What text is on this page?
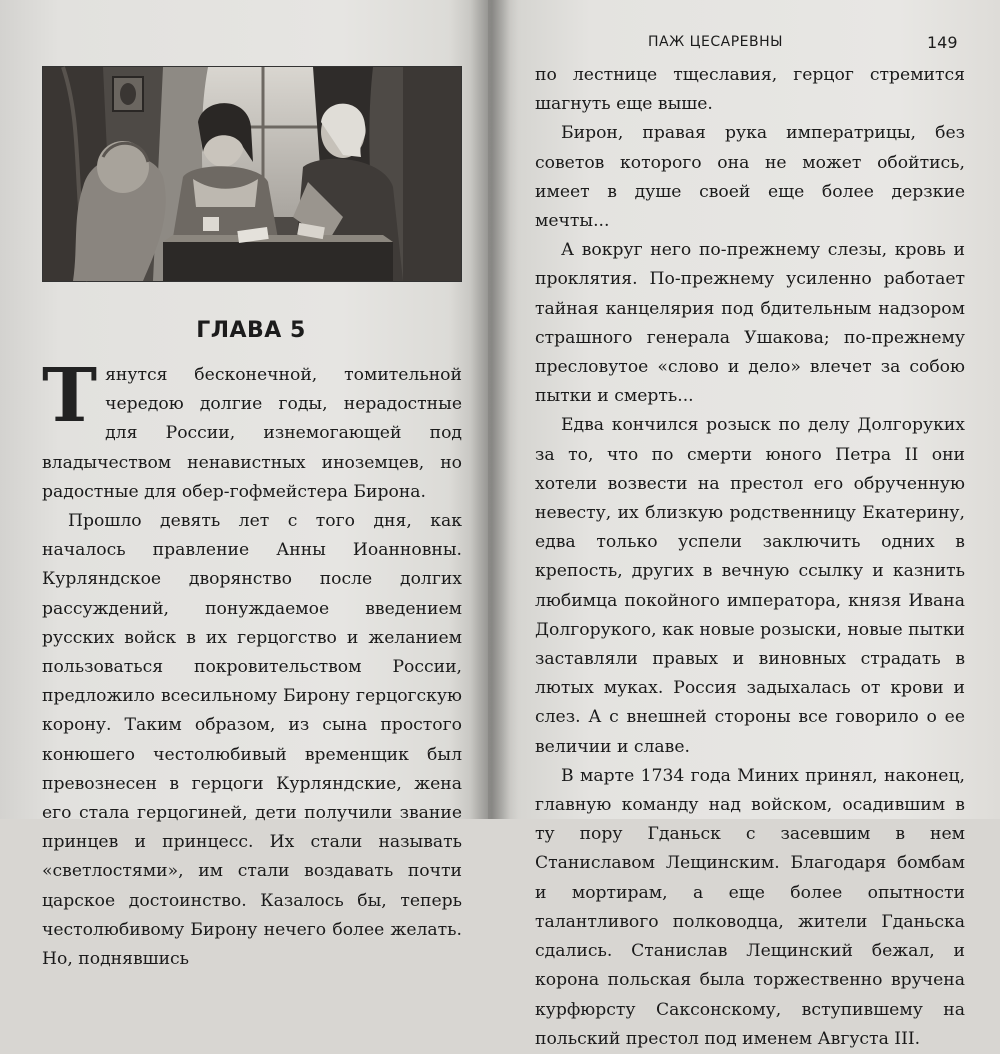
ГЛАВА 5

Тянутся бесконечной, томительной чередою долгие годы, нерадостные для России, изнемогающей под владычеством ненавистных иноземцев, но радостные для обер-гофмейстера Бирона.

Прошло девять лет с того дня, как началось правление Анны Иоанновны. Курляндское дворянство после долгих рассуждений, понуждаемое введением русских войск в их герцогство и желанием пользоваться покровительством России, предложило всесильному Бирону герцогскую корону. Таким образом, из сына простого конюшего честолюбивый временщик был превознесен в герцоги Курляндские, жена его стала герцогиней, дети получили звание принцев и принцесс. Их стали называть «светлостями», им стали воздавать почти царское достоинство. Казалось бы, теперь честолюбивому Бирону нечего более желать. Но, поднявшись

ПАЖ ЦЕСАРЕВНЫ	149

по лестнице тщеславия, герцог стремится шагнуть еще выше.

Бирон, правая рука императрицы, без советов которого она не может обойтись, имеет в душе своей еще более дерзкие мечты...

А вокруг него по-прежнему слезы, кровь и проклятия. По-прежнему усиленно работает тайная канцелярия под бдительным надзором страшного генерала Ушакова; по-прежнему пресловутое «слово и дело» влечет за собою пытки и смерть...

Едва кончился розыск по делу Долгоруких за то, что по смерти юного Петра II они хотели возвести на престол его обрученную невесту, их близкую родственницу Екатерину, едва только успели заключить одних в крепость, других в вечную ссылку и казнить любимца покойного императора, князя Ивана Долгорукого, как новые розыски, новые пытки заставляли правых и виновных страдать в лютых муках. Россия задыхалась от крови и слез. А с внешней стороны все говорило о ее величии и славе.

В марте 1734 года Миних принял, наконец, главную команду над войском, осадившим в ту пору Гданьск с засевшим в нем Станиславом Лещинским. Благодаря бомбам и мортирам, а еще более опытности талантливого полководца, жители Гданьска сдались. Станислав Лещинский бежал, и корона польская была торжественно вручена курфюрсту Саксонскому, вступившему на польский престол под именем Августа III.
